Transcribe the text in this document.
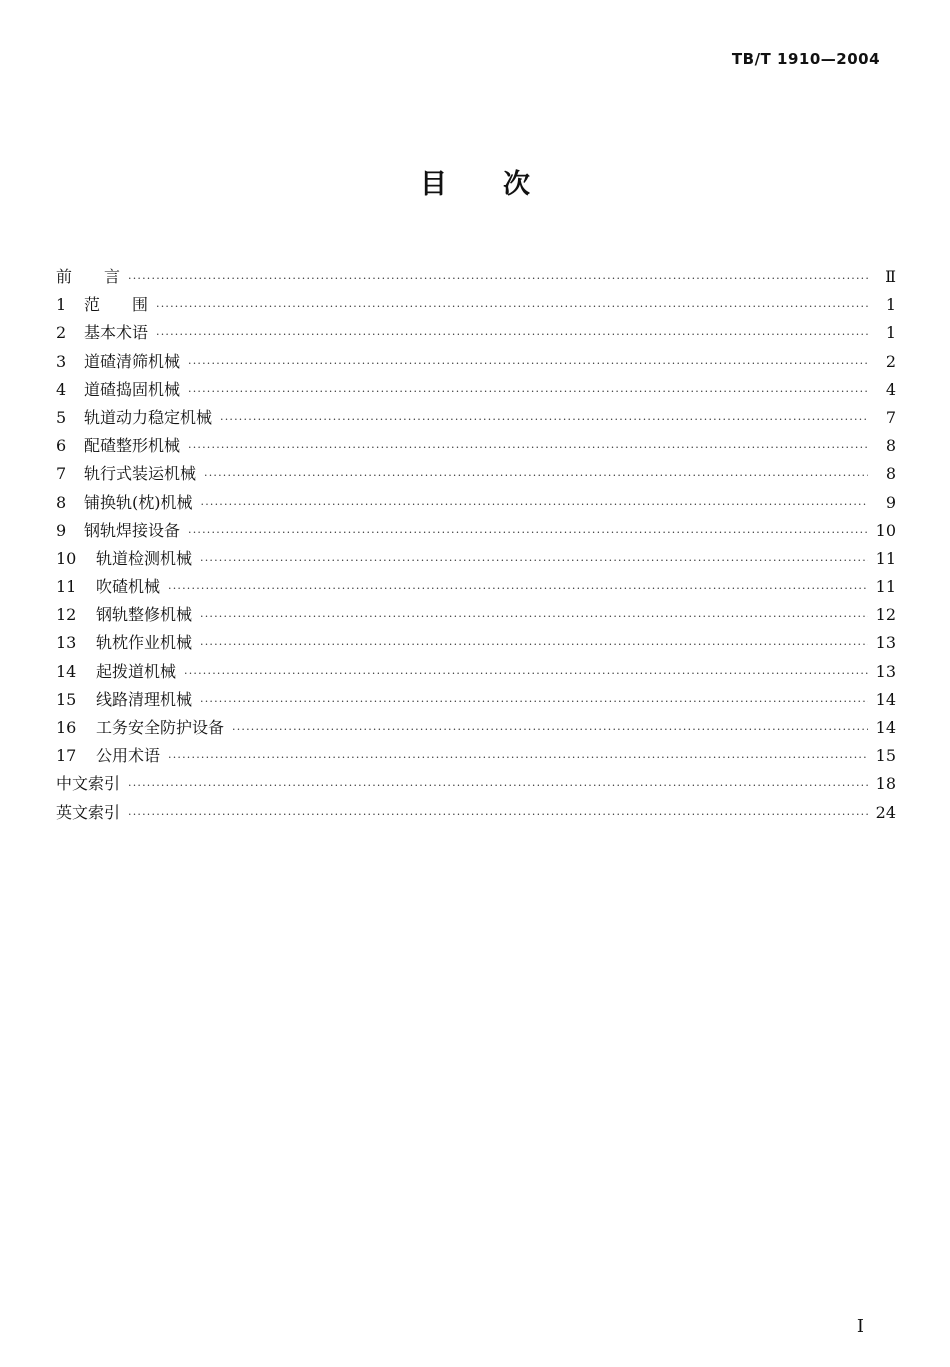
TB/T 1910—2004
目 次
前　　言 ·····	Ⅱ
1	范　　围 ·····	1
2	基本术语 ·····	1
3	道碴清筛机械 ·····	2
4	道碴捣固机械 ·····	4
5	轨道动力稳定机械 ·····	7
6	配碴整形机械 ·····	8
7	轨行式装运机械 ·····	8
8	铺换轨(枕)机械 ·····	9
9	钢轨焊接设备 ·····	10
10	轨道检测机械 ·····	11
11	吹碴机械 ·····	11
12	钢轨整修机械 ·····	12
13	轨枕作业机械 ·····	13
14	起拨道机械 ·····	13
15	线路清理机械 ·····	14
16	工务安全防护设备 ·····	14
17	公用术语 ·····	15
中文索引 ·····	18
英文索引 ·····	24
I
